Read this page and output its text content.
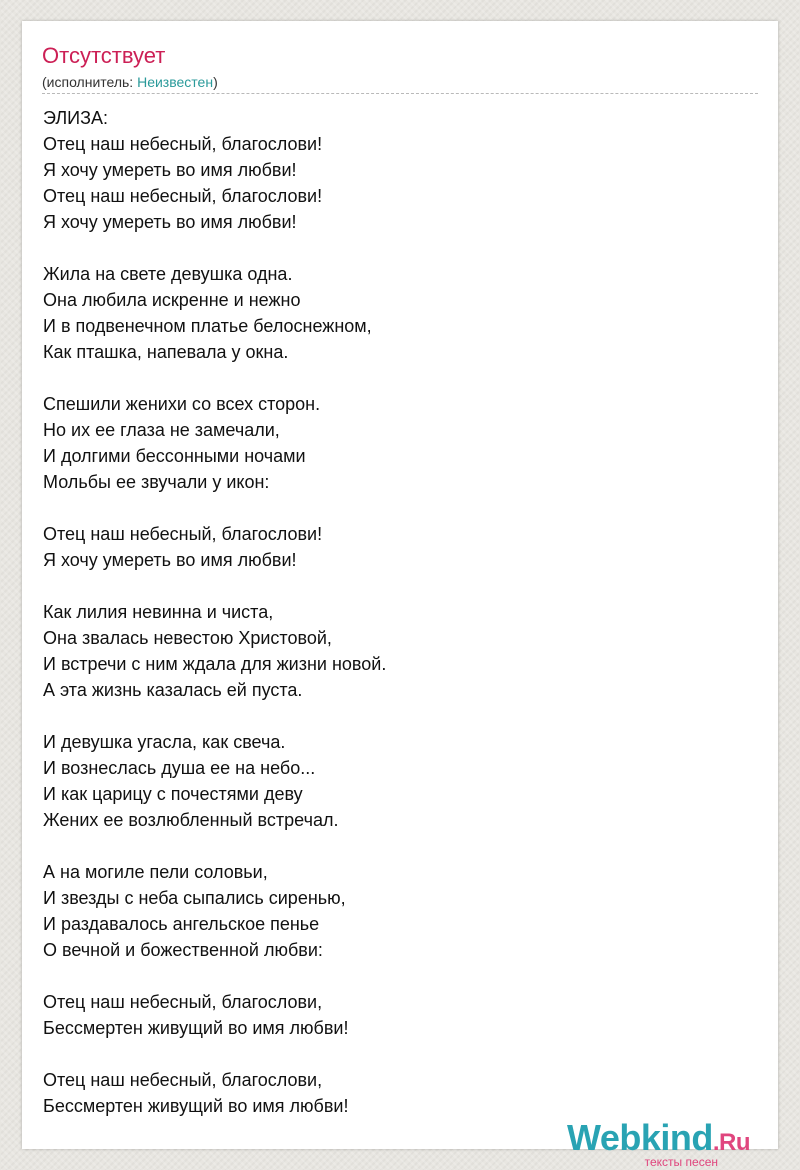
Отсутствует
(исполнитель: Неизвестен)
ЭЛИЗА:
Отец наш небесный, благослови!
Я хочу умереть во имя любви!
Отец наш небесный, благослови!
Я хочу умереть во имя любви!
Жила на свете девушка одна.
Она любила искренне и нежно
И в подвенечном платье белоснежном,
Как пташка, напевала у окна.
Спешили женихи со всех сторон.
Но их ее глаза не замечали,
И долгими бессонными ночами
Мольбы ее звучали у икон:
Отец наш небесный, благослови!
Я хочу умереть во имя любви!
Как лилия невинна и чиста,
Она звалась невестою Христовой,
И встречи с ним ждала для жизни новой.
А эта жизнь казалась ей пуста.
И девушка угасла, как свеча.
И вознеслась душа ее на небо...
И как царицу с почестями деву
Жених ее возлюбленный встречал.
А на могиле пели соловьи,
И звезды с неба сыпались сиренью,
И раздавалось ангельское пенье
О вечной и божественной любви:
Отец наш небесный, благослови,
Бессмертен живущий во имя любви!
Отец наш небесный, благослови,
Бессмертен живущий во имя любви!
Webkind.Ru
тексты песен
